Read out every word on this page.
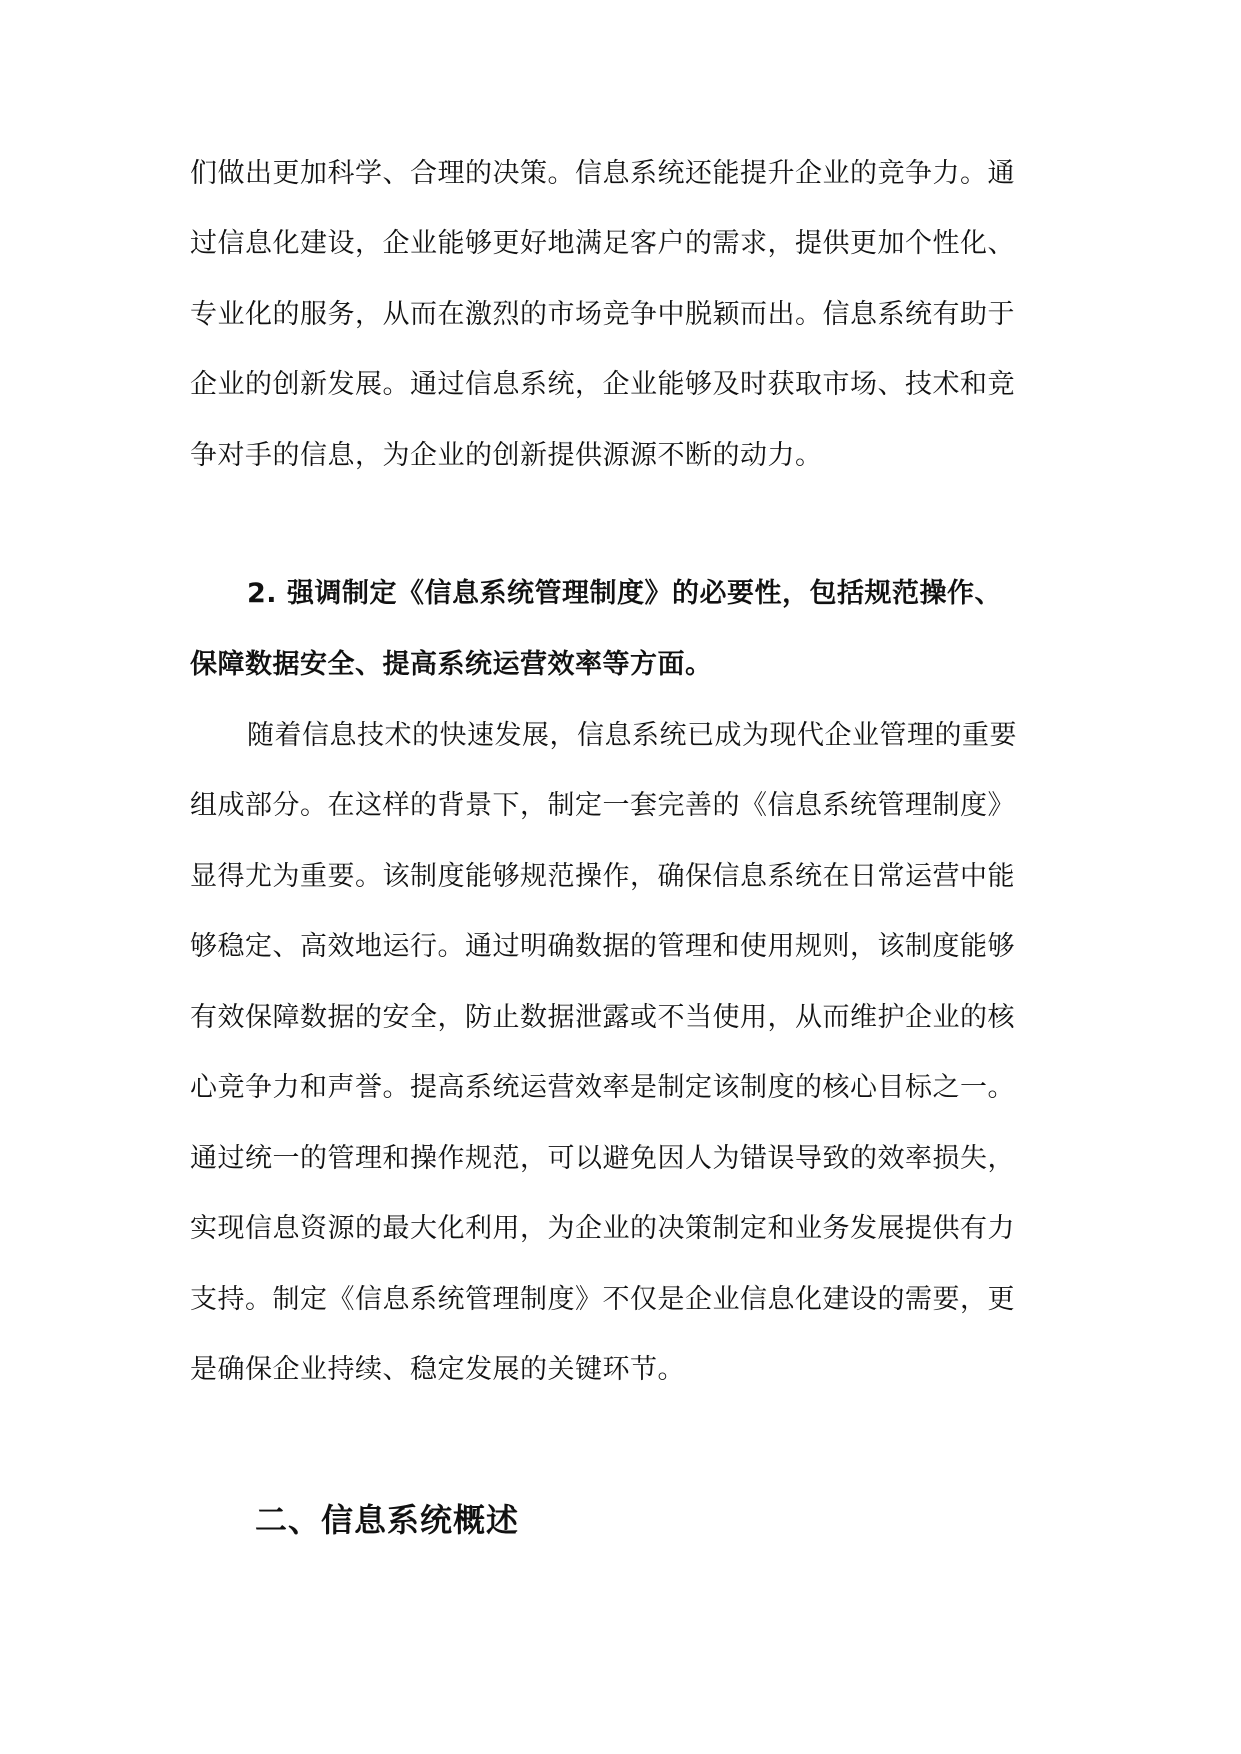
们做出更加科学、合理的决策。信息系统还能提升企业的竞争力。通
过信息化建设，企业能够更好地满足客户的需求，提供更加个性化、
专业化的服务，从而在激烈的市场竞争中脱颖而出。信息系统有助于
企业的创新发展。通过信息系统，企业能够及时获取市场、技术和竞
争对手的信息，为企业的创新提供源源不断的动力。
2. 强调制定《信息系统管理制度》的必要性，包括规范操作、
保障数据安全、提高系统运营效率等方面。
随着信息技术的快速发展，信息系统已成为现代企业管理的重要
组成部分。在这样的背景下，制定一套完善的《信息系统管理制度》
显得尤为重要。该制度能够规范操作，确保信息系统在日常运营中能
够稳定、高效地运行。通过明确数据的管理和使用规则，该制度能够
有效保障数据的安全，防止数据泄露或不当使用，从而维护企业的核
心竞争力和声誉。提高系统运营效率是制定该制度的核心目标之一。
通过统一的管理和操作规范，可以避免因人为错误导致的效率损失，
实现信息资源的最大化利用，为企业的决策制定和业务发展提供有力
支持。制定《信息系统管理制度》不仅是企业信息化建设的需要，更
是确保企业持续、稳定发展的关键环节。
二、信息系统概述
